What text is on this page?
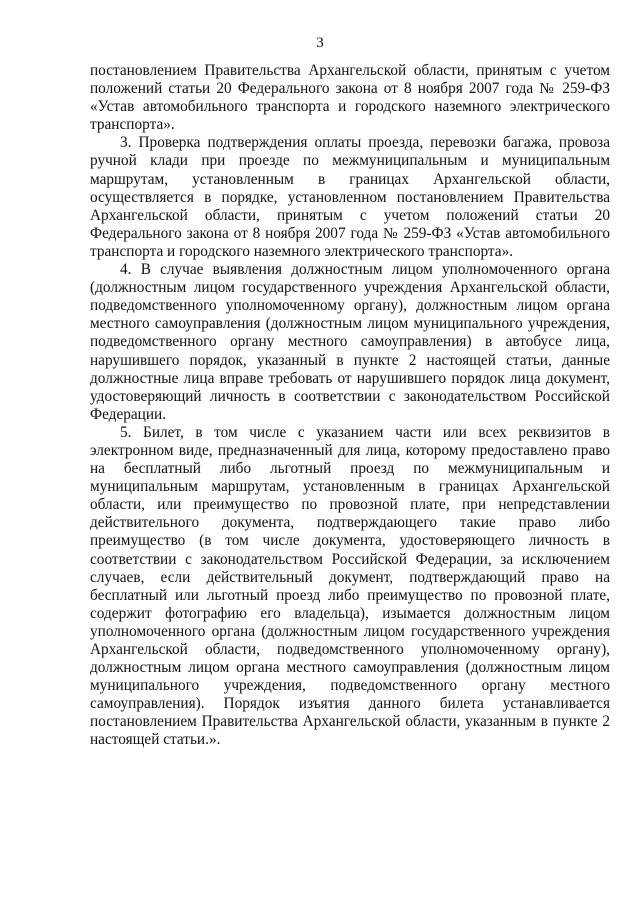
3

постановлением Правительства Архангельской области, принятым с учетом положений статьи 20 Федерального закона от 8 ноября 2007 года № 259-ФЗ «Устав автомобильного транспорта и городского наземного электрического транспорта».

3. Проверка подтверждения оплаты проезда, перевозки багажа, провоза ручной клади при проезде по межмуниципальным и муниципальным маршрутам, установленным в границах Архангельской области, осуществляется в порядке, установленном постановлением Правительства Архангельской области, принятым с учетом положений статьи 20 Федерального закона от 8 ноября 2007 года № 259-ФЗ «Устав автомобильного транспорта и городского наземного электрического транспорта».

4. В случае выявления должностным лицом уполномоченного органа (должностным лицом государственного учреждения Архангельской области, подведомственного уполномоченному органу), должностным лицом органа местного самоуправления (должностным лицом муниципального учреждения, подведомственного органу местного самоуправления) в автобусе лица, нарушившего порядок, указанный в пункте 2 настоящей статьи, данные должностные лица вправе требовать от нарушившего порядок лица документ, удостоверяющий личность в соответствии с законодательством Российской Федерации.

5. Билет, в том числе с указанием части или всех реквизитов в электронном виде, предназначенный для лица, которому предоставлено право на бесплатный либо льготный проезд по межмуниципальным и муниципальным маршрутам, установленным в границах Архангельской области, или преимущество по провозной плате, при непредставлении действительного документа, подтверждающего такие право либо преимущество (в том числе документа, удостоверяющего личность в соответствии с законодательством Российской Федерации, за исключением случаев, если действительный документ, подтверждающий право на бесплатный или льготный проезд либо преимущество по провозной плате, содержит фотографию его владельца), изымается должностным лицом уполномоченного органа (должностным лицом государственного учреждения Архангельской области, подведомственного уполномоченному органу), должностным лицом органа местного самоуправления (должностным лицом муниципального учреждения, подведомственного органу местного самоуправления). Порядок изъятия данного билета устанавливается постановлением Правительства Архангельской области, указанным в пункте 2 настоящей статьи.».
